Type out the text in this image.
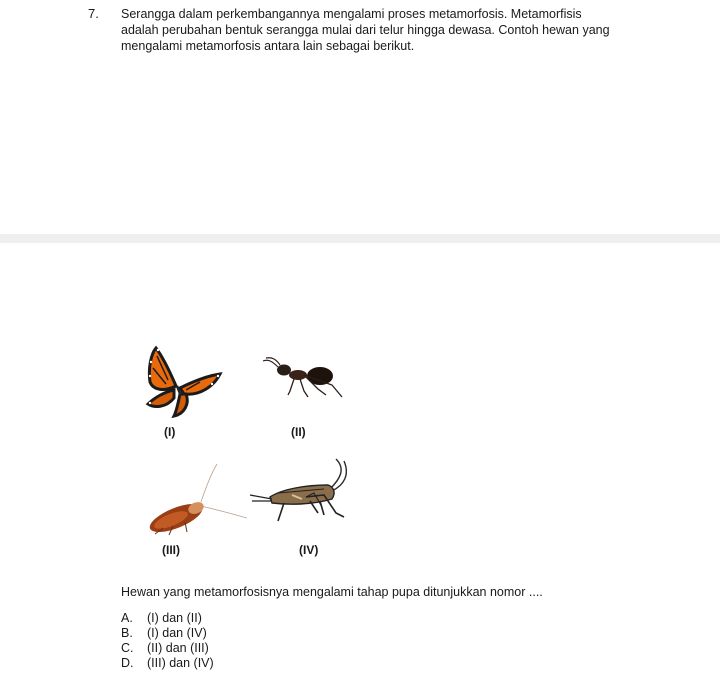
7. Serangga dalam perkembangannya mengalami proses metamorfosis. Metamorfisis
adalah perubahan bentuk serangga mulai dari telur hingga dewasa. Contoh hewan yang
mengalami metamorfosis antara lain sebagai berikut.
(I)	(II)
(III)	(IV)
Hewan yang metamorfosisnya mengalami tahap pupa ditunjukkan nomor ....
A. (I) dan (II)
B. (I) dan (IV)
C. (II) dan (III)
D. (III) dan (IV)
